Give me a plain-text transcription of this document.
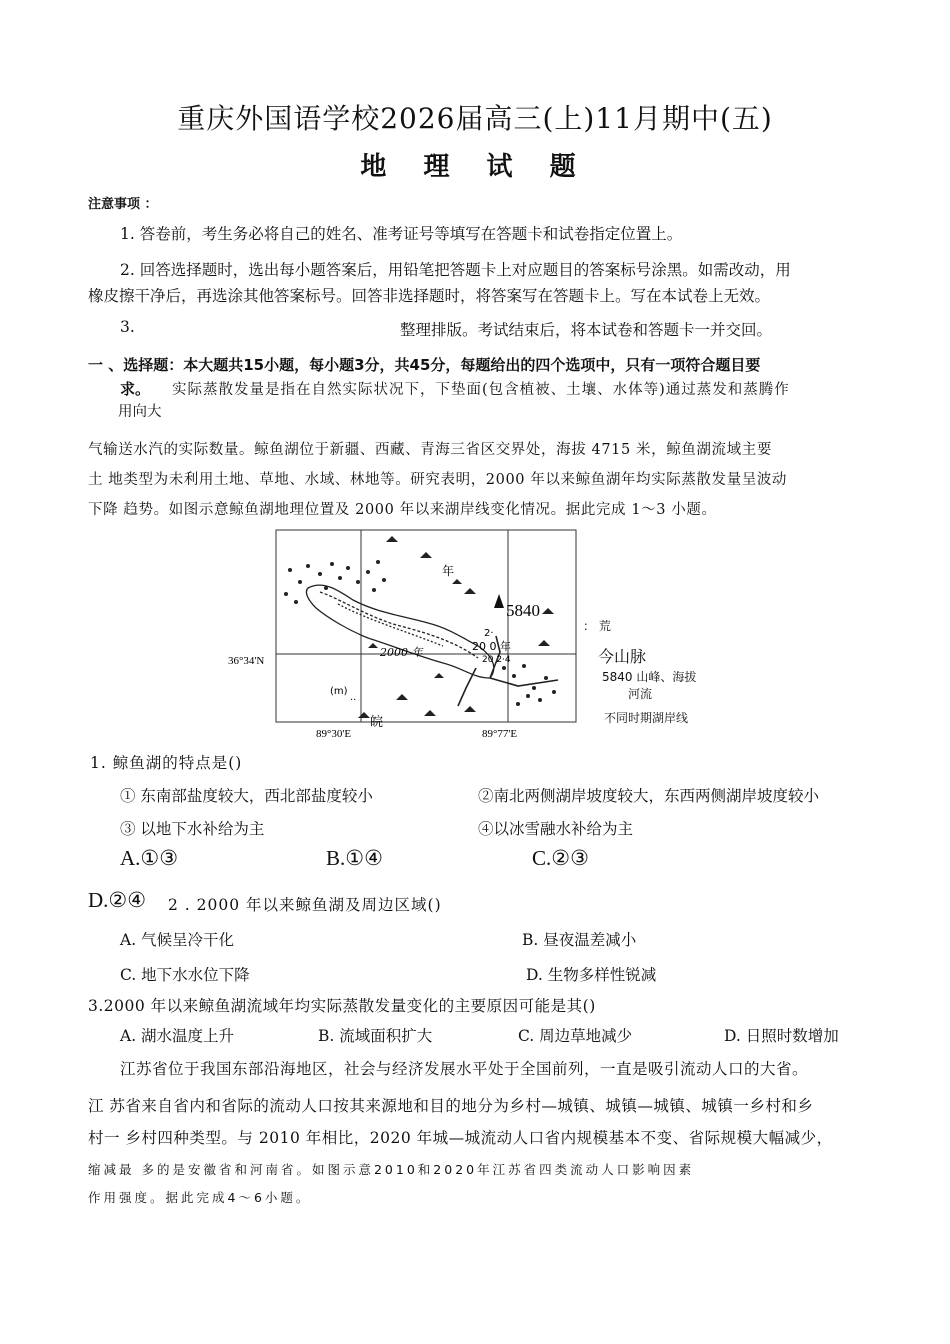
重庆外国语学校2026届高三(上)11月期中(五)
地 理 试 题
注意事项 ：
1. 答卷前，考生务必将自己的姓名、准考证号等填写在答题卡和试卷指定位置上。
2. 回答选择题时，选出每小题答案后，用铅笔把答题卡上对应题目的答案标号涂黑。如需改动，用
橡皮擦干净后，再选涂其他答案标号。回答非选择题时，将答案写在答题卡上。写在本试卷上无效。
3.	整理排版。考试结束后，将本试卷和答题卡一并交回。
一 、选择题：本大题共15小题，每小题3分，共45分，每题给出的四个选项中，只有一项符合题目要
求。 实际蒸散发量是指在自然实际状况下，下垫面(包含植被、土壤、水体等)通过蒸发和蒸腾作
用向大
气输送水汽的实际数量。鲸鱼湖位于新疆、西藏、青海三省区交界处，海拔 4715 米，鲸鱼湖流域主要
土 地类型为未利用土地、草地、水域、林地等。研究表明，2000 年以来鲸鱼湖年均实际蒸散发量呈波动
下降 趋势。如图示意鲸鱼湖地理位置及 2000 年以来湖岸线变化情况。据此完成 1～3 小题。
5840
年
2·
20 0 年
20 2·4
2000 年
(m)
..
皖
36°34'N
89°30'E	89°77'E
： 荒
今山脉
5840 山峰、海拔
河流
不同时期湖岸线
1. 鲸鱼湖的特点是()
① 东南部盐度较大，西北部盐度较小	②南北两侧湖岸坡度较大，东西两侧湖岸坡度较小
③ 以地下水补给为主	④以冰雪融水补给为主
A.①③	B.①④	C.②③
D.②④ 2 . 2000 年以来鲸鱼湖及周边区域()
A. 气候呈冷干化	B. 昼夜温差减小
C. 地下水水位下降	D. 生物多样性锐减
3.2000 年以来鲸鱼湖流域年均实际蒸散发量变化的主要原因可能是其()
A. 湖水温度上升	B. 流域面积扩大	C. 周边草地减少	D. 日照时数增加
江苏省位于我国东部沿海地区，社会与经济发展水平处于全国前列，一直是吸引流动人口的大省。
江 苏省来自省内和省际的流动人口按其来源地和目的地分为乡村—城镇、城镇—城镇、城镇一乡村和乡
村一 乡村四种类型。与 2010 年相比，2020 年城—城流动人口省内规模基本不变、省际规模大幅减少，
缩减最 多的是安徽省和河南省。如图示意2010和2020年江苏省四类流动人口影响因素
作用强度。据此完成4～6小题。
